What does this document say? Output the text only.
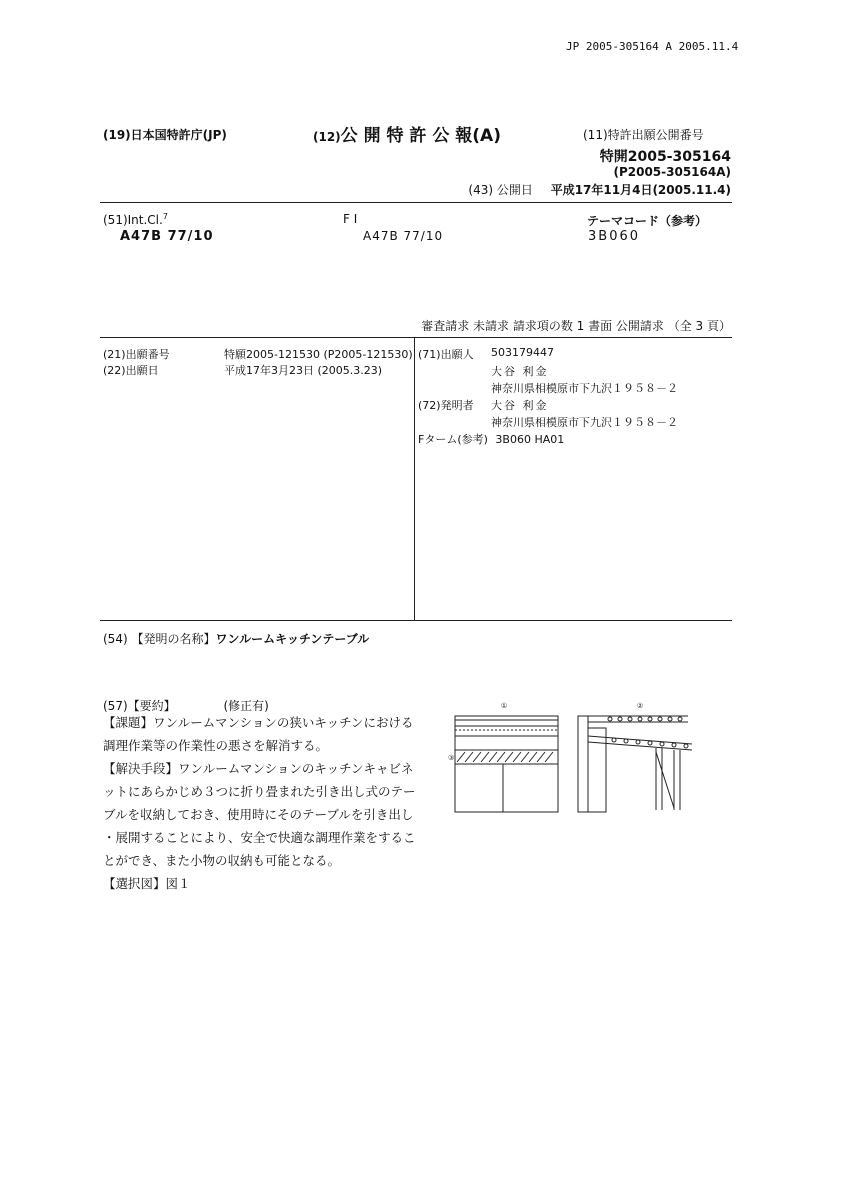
JP 2005-305164 A 2005.11.4
(19)日本国特許庁(JP)	(12)公 開 特 許 公 報(A)	(11)特許出願公開番号
特開2005-305164
(P2005-305164A)
(43) 公開日 平成17年11月4日(2005.11.4)
(51)Int.Cl.$^7$
A47B 77/10
F I
A47B 77/10
テーマコード（参考）
3B060
審査請求 未請求 請求項の数 1 書面 公開請求 （全 3 頁）
(21)出願番号	特願2005-121530 (P2005-121530)
(22)出願日	平成17年3月23日 (2005.3.23)
(71)出願人 503179447
大谷 利金
神奈川県相模原市下九沢１９５８－２
(72)発明者 大谷 利金
神奈川県相模原市下九沢１９５８－２
Fターム(参考) 3B060 HA01
(54) 【発明の名称】ワンルームキッチンテーブル
(57)【要約】	(修正有)
【課題】ワンルームマンションの狭いキッチンにおける
調理作業等の作業性の悪さを解消する。
【解決手段】ワンルームマンションのキッチンキャビネ
ットにあらかじめ３つに折り畳まれた引き出し式のテー
ブルを収納しておき、使用時にそのテーブルを引き出し
・展開することにより、安全で快適な調理作業をするこ
とができ、また小物の収納も可能となる。
【選択図】図１
①
③
②
